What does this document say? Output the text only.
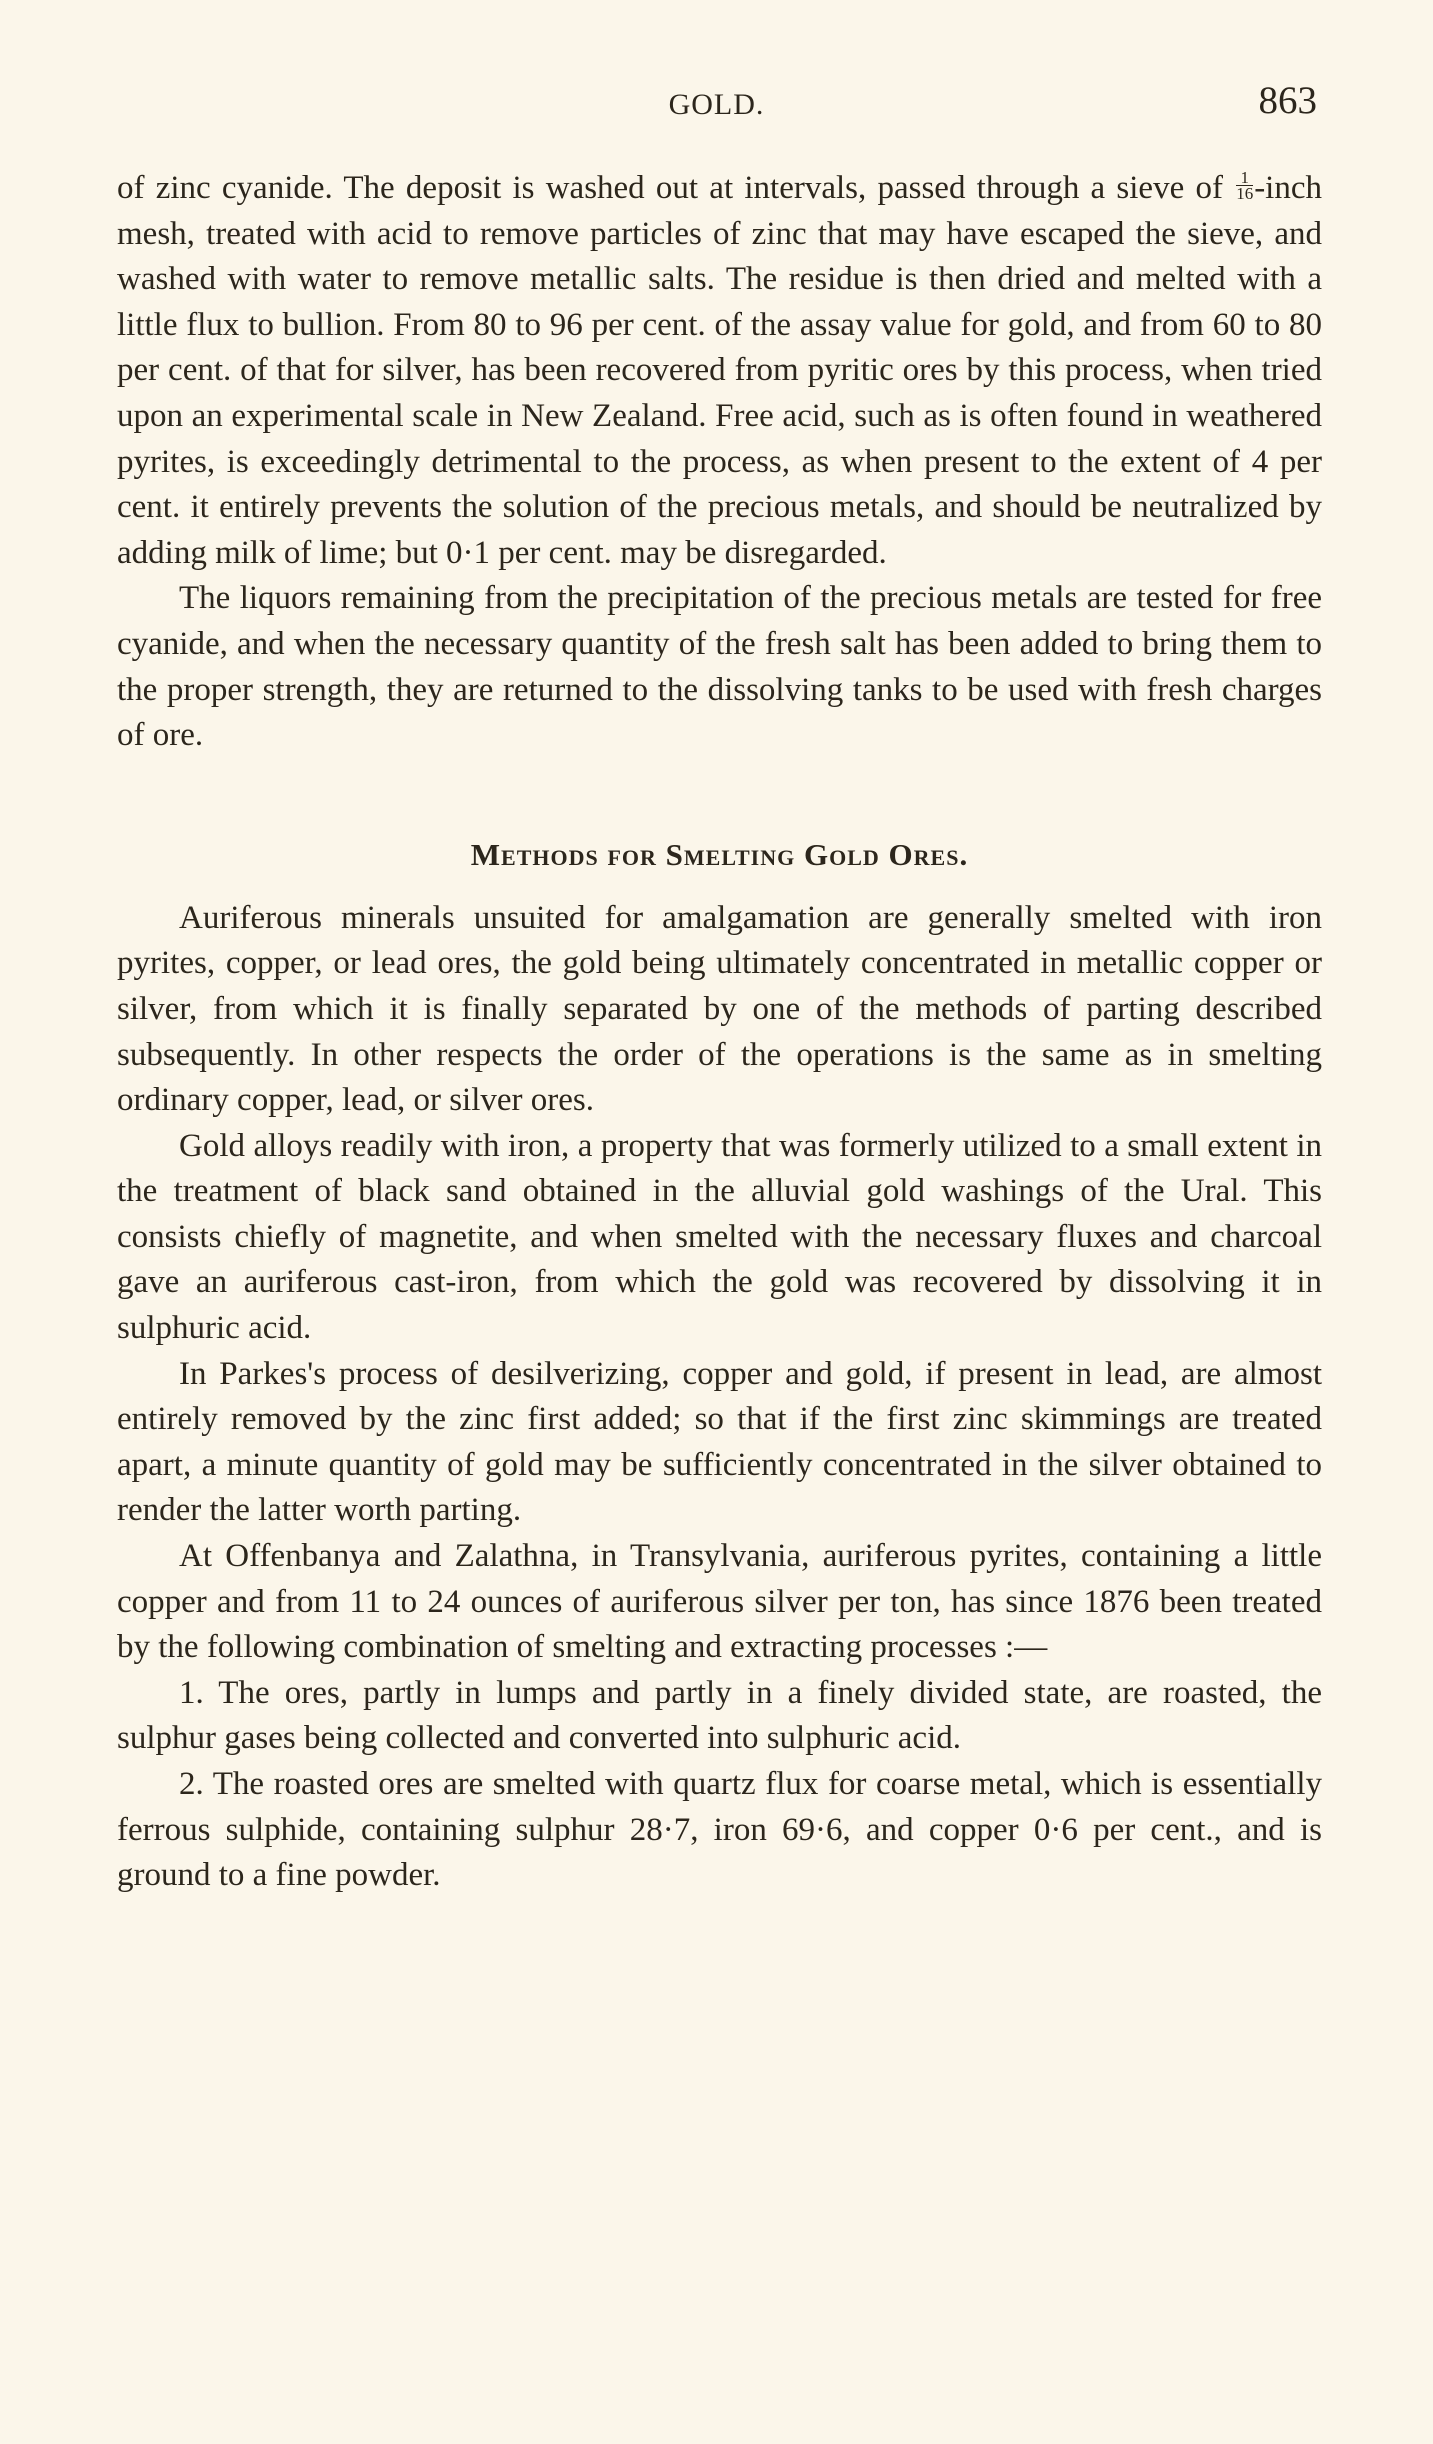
GOLD.	863

of zinc cyanide. The deposit is washed out at intervals, passed through a sieve of $\frac{1}{16}$ -inch mesh, treated with acid to remove particles of zinc that may have escaped the sieve, and washed with water to remove metallic salts. The residue is then dried and melted with a little flux to bullion. From 80 to 96 per cent. of the assay value for gold, and from 60 to 80 per cent. of that for silver, has been recovered from pyritic ores by this process, when tried upon an experimental scale in New Zealand. Free acid, such as is often found in weathered pyrites, is exceedingly detrimental to the process, as when present to the extent of 4 per cent. it entirely prevents the solution of the precious metals, and should be neutralized by adding milk of lime; but 0·1 per cent. may be disregarded.

The liquors remaining from the precipitation of the precious metals are tested for free cyanide, and when the necessary quantity of the fresh salt has been added to bring them to the proper strength, they are returned to the dissolving tanks to be used with fresh charges of ore.

Methods for Smelting Gold Ores.

Auriferous minerals unsuited for amalgamation are generally smelted with iron pyrites, copper, or lead ores, the gold being ultimately concentrated in metallic copper or silver, from which it is finally separated by one of the methods of parting described subsequently. In other respects the order of the operations is the same as in smelting ordinary copper, lead, or silver ores.

Gold alloys readily with iron, a property that was formerly utilized to a small extent in the treatment of black sand obtained in the alluvial gold washings of the Ural. This consists chiefly of magnetite, and when smelted with the necessary fluxes and charcoal gave an auriferous cast-iron, from which the gold was recovered by dissolving it in sulphuric acid.

In Parkes's process of desilverizing, copper and gold, if present in lead, are almost entirely removed by the zinc first added; so that if the first zinc skimmings are treated apart, a minute quantity of gold may be sufficiently concentrated in the silver obtained to render the latter worth parting.

At Offenbanya and Zalathna, in Transylvania, auriferous pyrites, containing a little copper and from 11 to 24 ounces of auriferous silver per ton, has since 1876 been treated by the following combination of smelting and extracting processes :—

1. The ores, partly in lumps and partly in a finely divided state, are roasted, the sulphur gases being collected and converted into sulphuric acid.

2. The roasted ores are smelted with quartz flux for coarse metal, which is essentially ferrous sulphide, containing sulphur 28·7, iron 69·6, and copper 0·6 per cent., and is ground to a fine powder.
